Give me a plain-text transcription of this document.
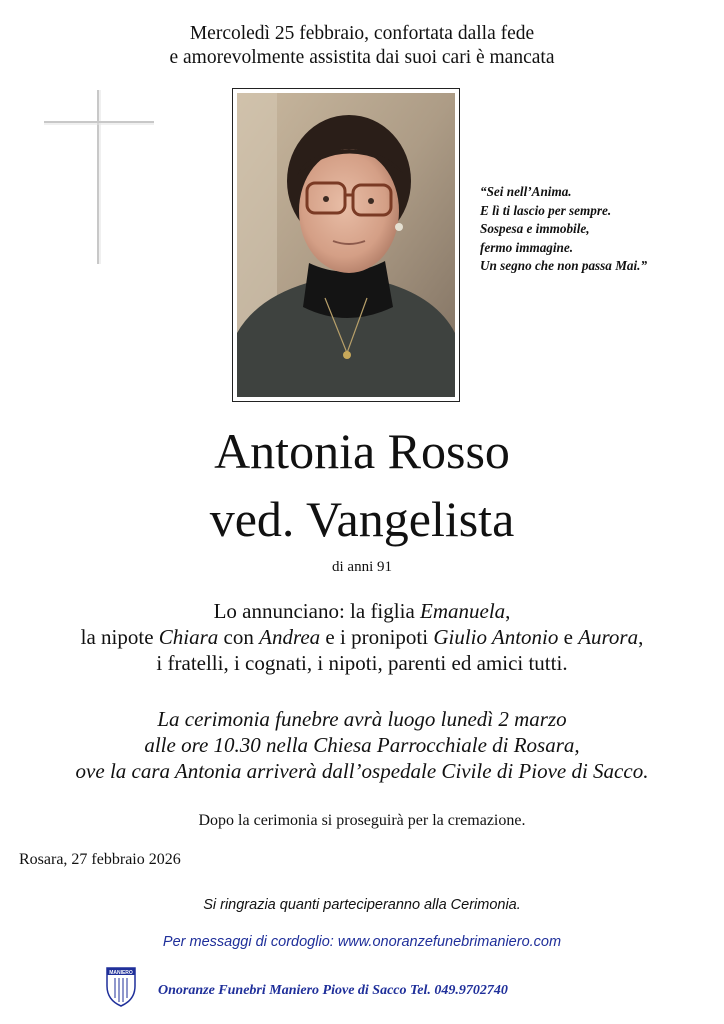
Mercoledì 25 febbraio, confortata dalla fede
e amorevolmente assistita dai suoi cari è mancata
“Sei nell’Anima.
E lì ti lascio per sempre.
Sospesa e immobile,
fermo immagine.
Un segno che non passa Mai.”
Antonia Rosso
ved. Vangelista
di anni 91
Lo annunciano: la figlia Emanuela,
la nipote Chiara con Andrea e i pronipoti Giulio Antonio e Aurora,
i fratelli, i cognati, i nipoti, parenti ed amici tutti.
La cerimonia funebre avrà luogo lunedì 2 marzo
alle ore 10.30 nella Chiesa Parrocchiale di Rosara,
ove la cara Antonia arriverà dall’ospedale Civile di Piove di Sacco.
Dopo la cerimonia si proseguirà per la cremazione.
Rosara, 27 febbraio 2026
Si ringrazia quanti parteciperanno alla Cerimonia.
Per messaggi di cordoglio: www.onoranzefunebrimaniero.com
MANIERO
Onoranze Funebri Maniero Piove di Sacco Tel. 049.9702740
